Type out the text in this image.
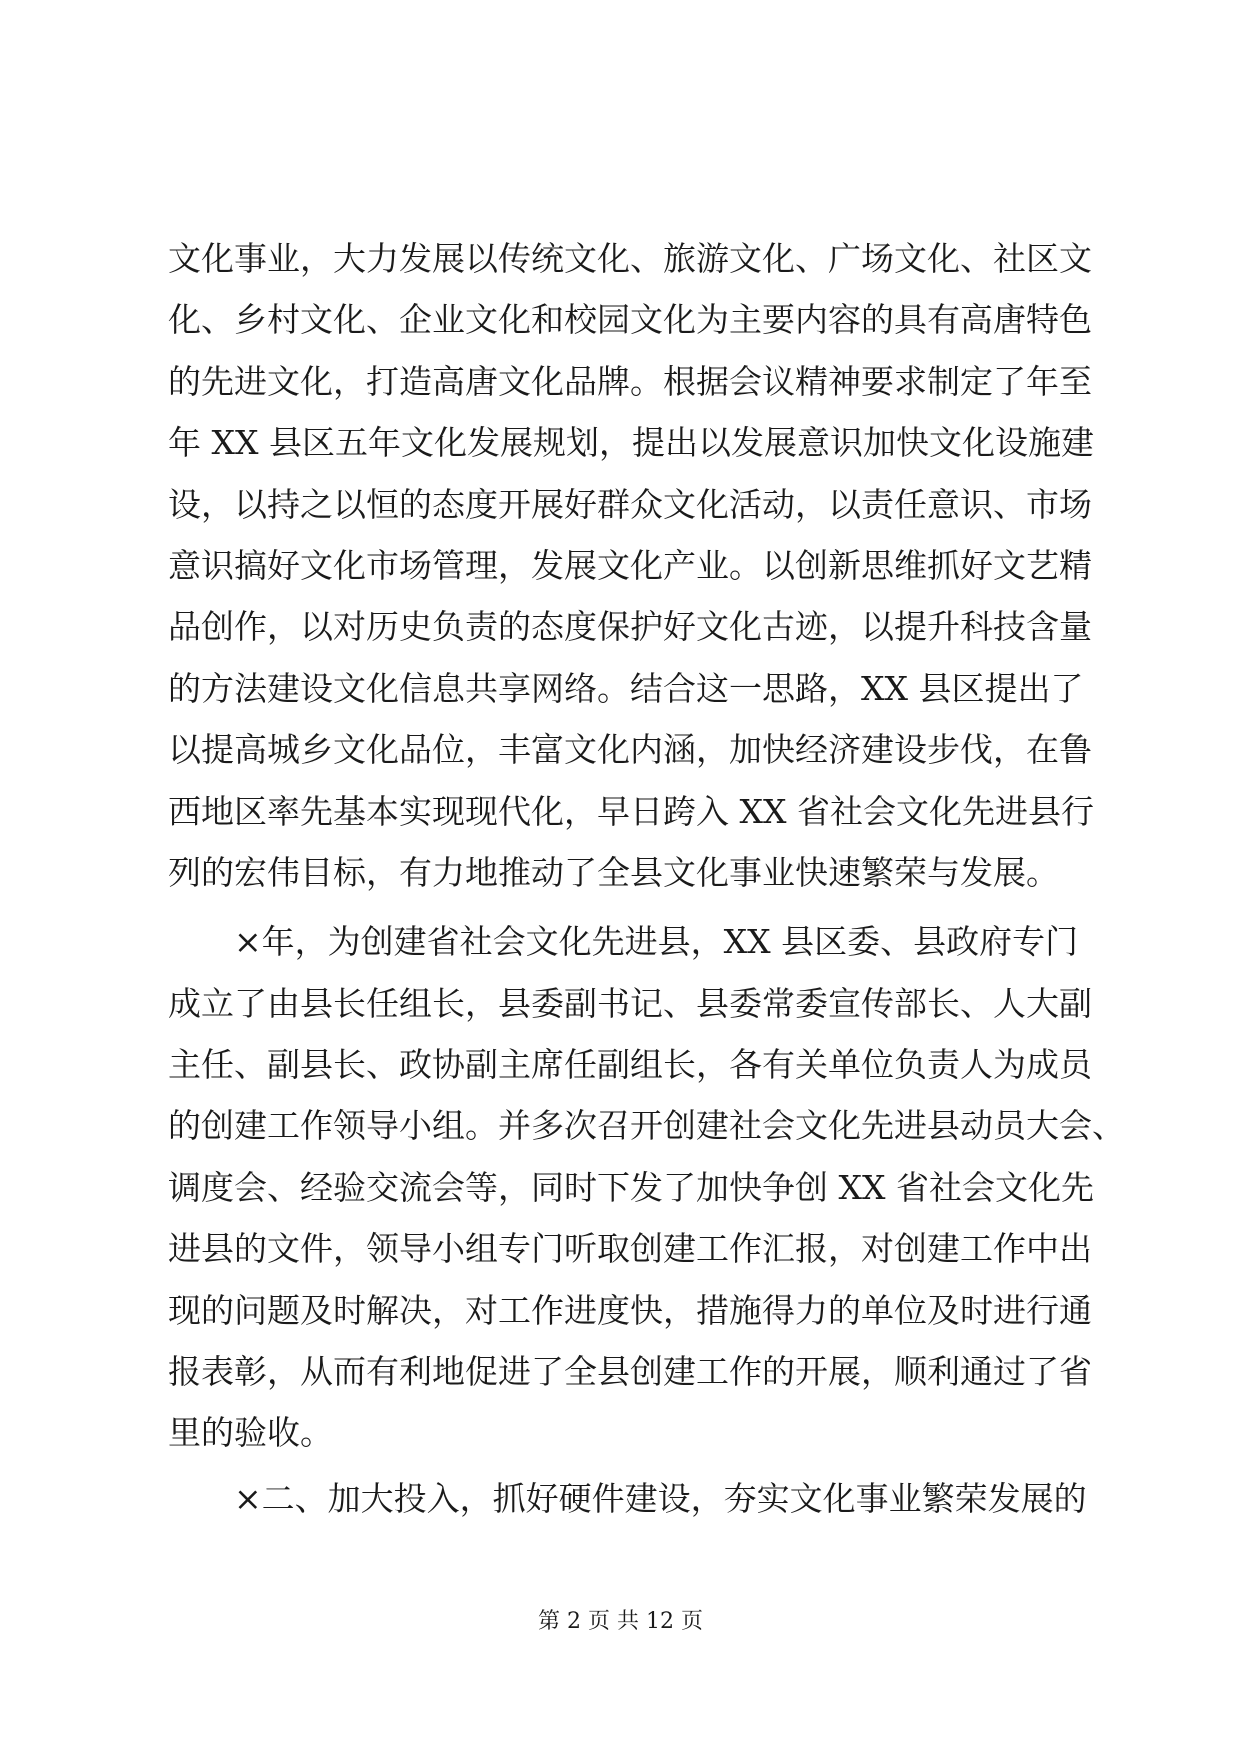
文化事业，大力发展以传统文化、旅游文化、广场文化、社区文
化、乡村文化、企业文化和校园文化为主要内容的具有高唐特色
的先进文化，打造高唐文化品牌。根据会议精神要求制定了年至
年 XX 县区五年文化发展规划，提出以发展意识加快文化设施建
设，以持之以恒的态度开展好群众文化活动，以责任意识、市场
意识搞好文化市场管理，发展文化产业。以创新思维抓好文艺精
品创作，以对历史负责的态度保护好文化古迹，以提升科技含量
的方法建设文化信息共享网络。结合这一思路，XX 县区提出了
以提高城乡文化品位，丰富文化内涵，加快经济建设步伐，在鲁
西地区率先基本实现现代化，早日跨入 XX 省社会文化先进县行
列的宏伟目标，有力地推动了全县文化事业快速繁荣与发展。
×年，为创建省社会文化先进县，XX 县区委、县政府专门
成立了由县长任组长，县委副书记、县委常委宣传部长、人大副
主任、副县长、政协副主席任副组长，各有关单位负责人为成员
的创建工作领导小组。并多次召开创建社会文化先进县动员大会、
调度会、经验交流会等，同时下发了加快争创 XX 省社会文化先
进县的文件，领导小组专门听取创建工作汇报，对创建工作中出
现的问题及时解决，对工作进度快，措施得力的单位及时进行通
报表彰，从而有利地促进了全县创建工作的开展，顺利通过了省
里的验收。
×二、加大投入，抓好硬件建设，夯实文化事业繁荣发展的
第 2 页 共 12 页
